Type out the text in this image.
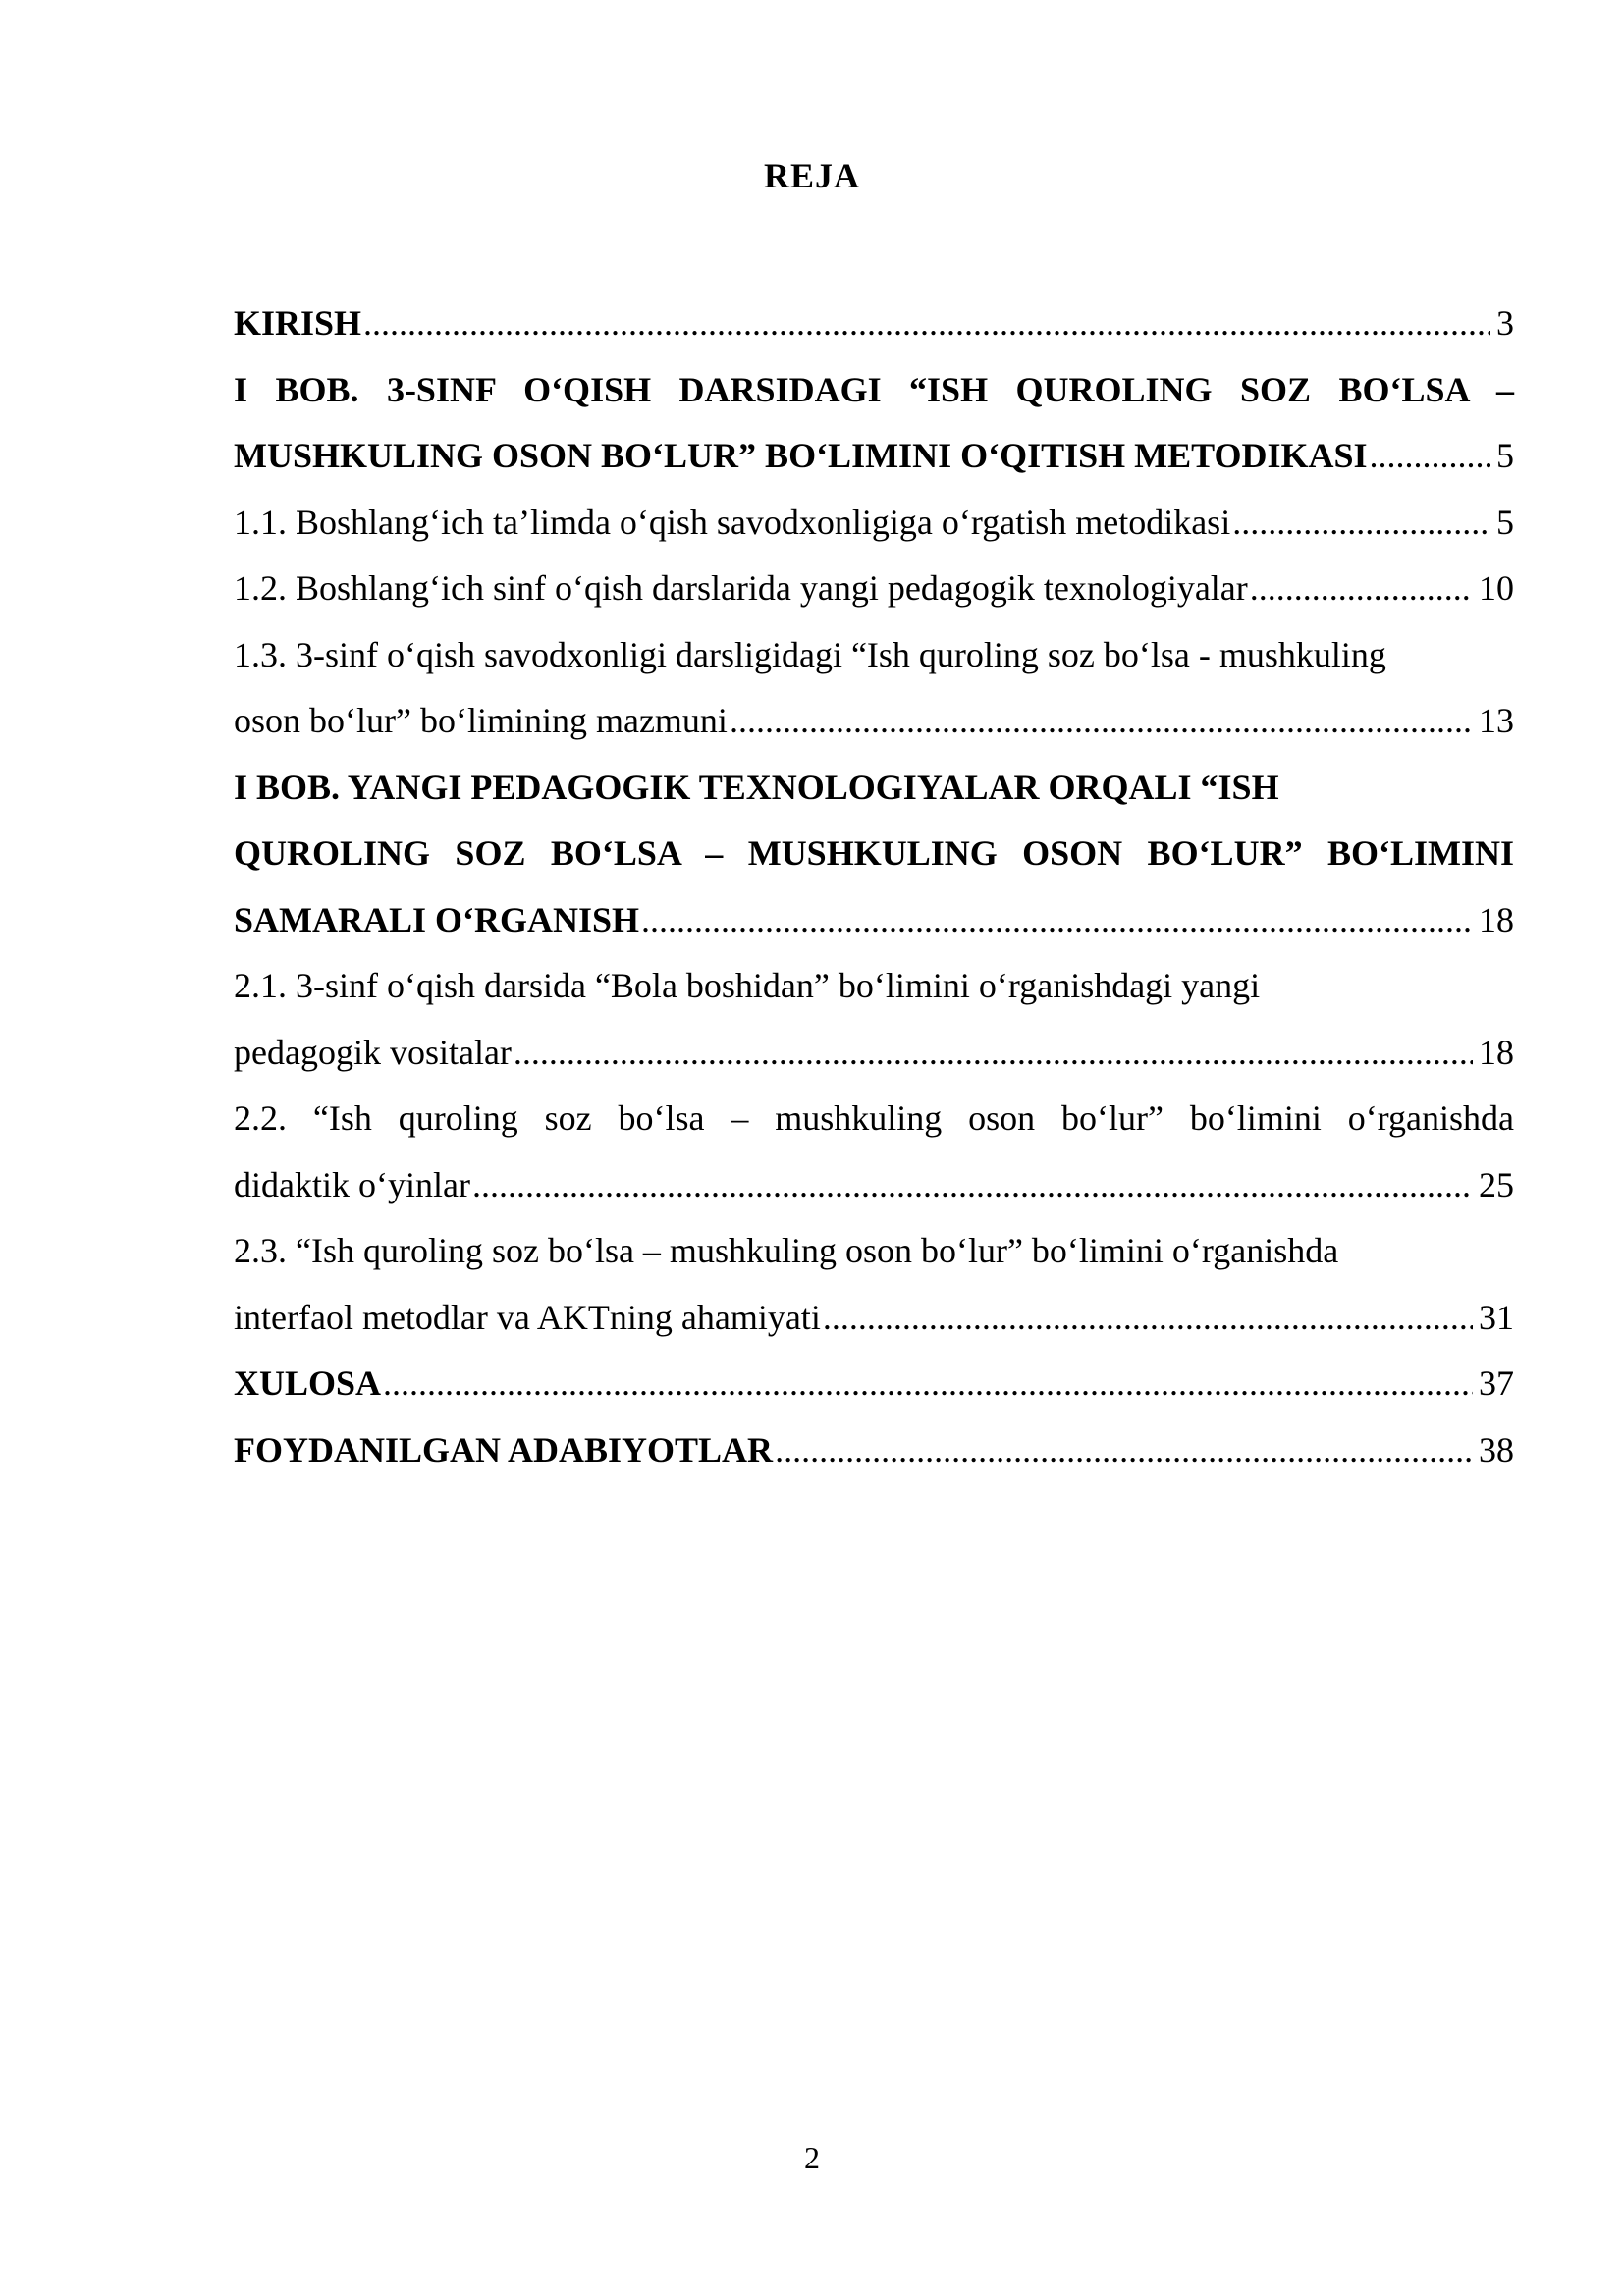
REJA
KIRISH .....	3
I BOB. 3-SINF O‘QISH DARSIDAGI “ISH QUROLING SOZ BO‘LSA –
MUSHKULING OSON BO‘LUR” BO‘LIMINI O‘QITISH METODIKASI .....	5
1.1. Boshlang‘ich ta’limda o‘qish savodxonligiga o‘rgatish metodikasi .....	5
1.2. Boshlang‘ich sinf o‘qish darslarida yangi pedagogik texnologiyalar .....	10
1.3. 3-sinf o‘qish savodxonligi darsligidagi “Ish quroling soz bo‘lsa - mushkuling
oson bo‘lur” bo‘limining mazmuni .....	13
I BOB. YANGI PEDAGOGIK TEXNOLOGIYALAR ORQALI “ISH
QUROLING SOZ BO‘LSA – MUSHKULING OSON BO‘LUR” BO‘LIMINI
SAMARALI O‘RGANISH .....	18
2.1. 3-sinf o‘qish darsida “Bola boshidan” bo‘limini o‘rganishdagi yangi
pedagogik vositalar .....	18
2.2. “Ish quroling soz bo‘lsa – mushkuling oson bo‘lur” bo‘limini o‘rganishda
didaktik o‘yinlar .....	25
2.3. “Ish quroling soz bo‘lsa – mushkuling oson bo‘lur” bo‘limini o‘rganishda
interfaol metodlar va AKTning ahamiyati .....	31
XULOSA .....	37
FOYDANILGAN ADABIYOTLAR .....	38
2
